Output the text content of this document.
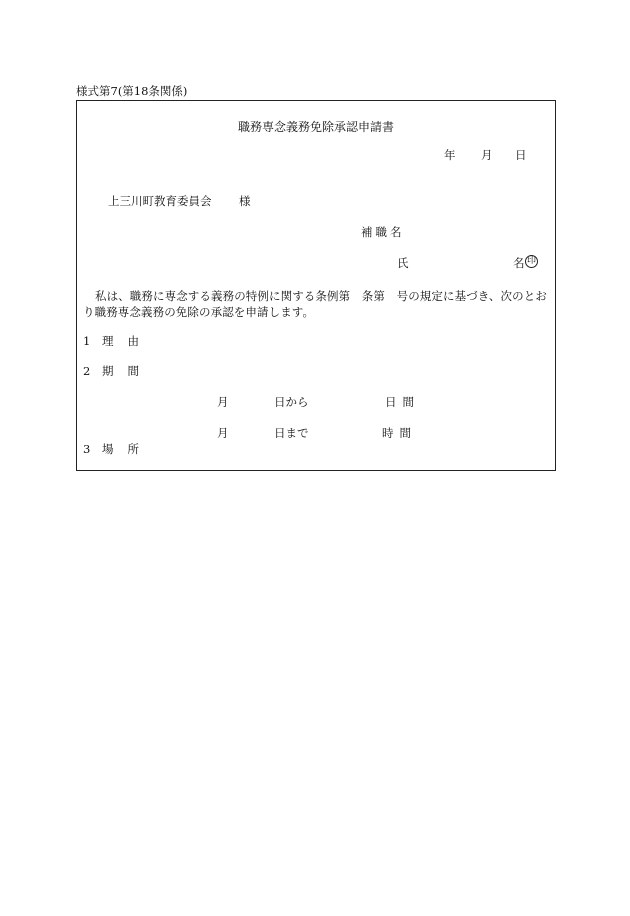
様式第7(第18条関係)
職務専念義務免除承認申請書
年 月 日
上三川町教育委員会 様
補職名
氏	名 印
私は、職務に専念する義務の特例に関する条例第　条第　号の規定に基づき、次のとおり職務専念義務の免除の承認を申請します。
1 理由
2 期間
月	日から	日間
月	日まで	時間
3 場所
